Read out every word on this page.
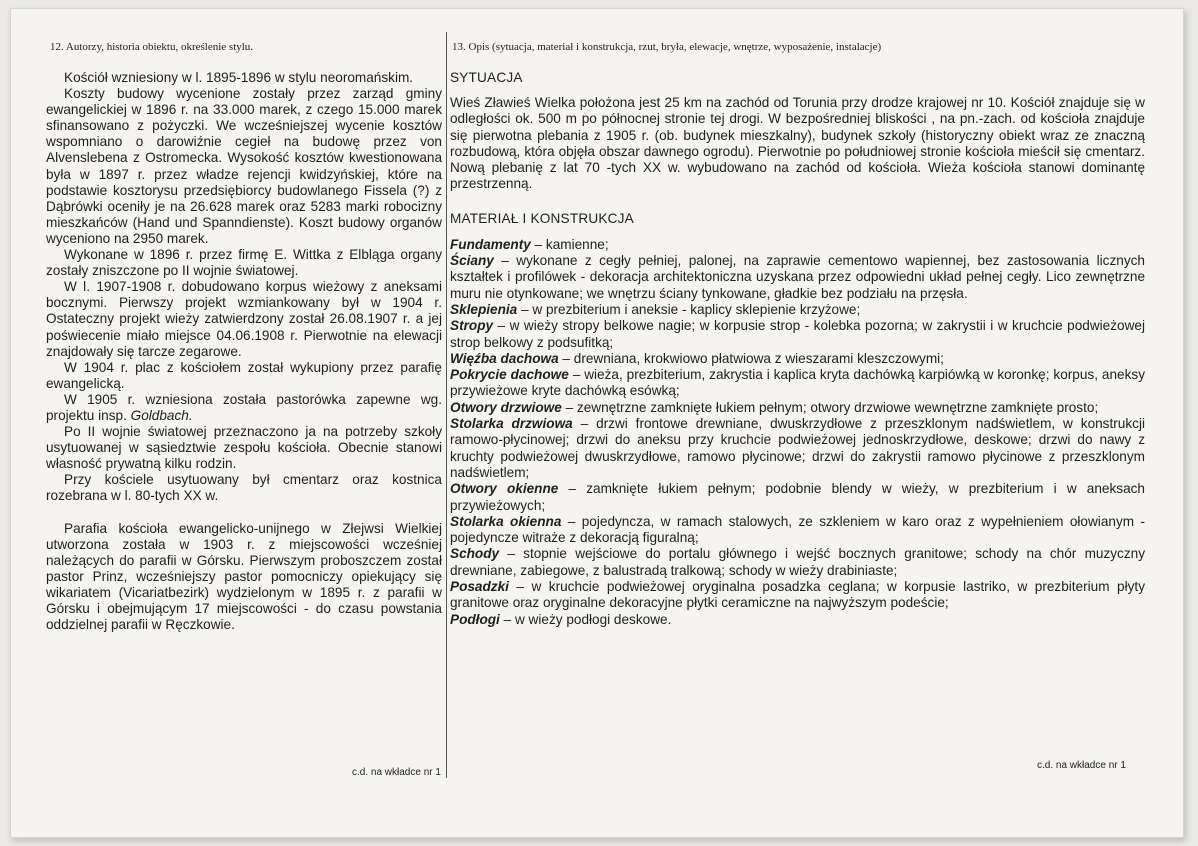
12. Autorzy, historia obiektu, określenie stylu.	13. Opis (sytuacja, materiał i konstrukcja, rzut, bryła, elewacje, wnętrze, wyposażenie, instalacje)

Kościół wzniesiony w l. 1895-1896 w stylu neoromańskim.

Koszty budowy wycenione zostały przez zarząd gminy ewangelickiej w 1896 r. na 33.000 marek, z czego 15.000 marek sfinansowano z pożyczki. We wcześniejszej wycenie kosztów wspomniano o darowiźnie cegieł na budowę przez von Alvenslebena z Ostromecka. Wysokość kosztów kwestionowana była w 1897 r. przez władze rejencji kwidzyńskiej, które na podstawie kosztorysu przedsiębiorcy budowlanego Fissela (?) z Dąbrówki oceniły je na 26.628 marek oraz 5283 marki robocizny mieszkańców (Hand und Spanndienste). Koszt budowy organów wyceniono na 2950 marek.

Wykonane w 1896 r. przez firmę E. Wittka z Elbląga organy zostały zniszczone po II wojnie światowej.

W l. 1907-1908 r. dobudowano korpus wieżowy z aneksami bocznymi. Pierwszy projekt wzmiankowany był w 1904 r. Ostateczny projekt wieży zatwierdzony został 26.08.1907 r. a jej poświecenie miało miejsce 04.06.1908 r. Pierwotnie na elewacji znajdowały się tarcze zegarowe.

W 1904 r. plac z kościołem został wykupiony przez parafię ewangelicką.

W 1905 r. wzniesiona została pastorówka zapewne wg. projektu insp. Goldbach.

Po II wojnie światowej przeznaczono ja na potrzeby szkoły usytuowanej w sąsiedztwie zespołu kościoła. Obecnie stanowi własność prywatną kilku rodzin.

Przy kościele usytuowany był cmentarz oraz kostnica rozebrana w l. 80-tych XX w.

Parafia kościoła ewangelicko-unijnego w Złejwsi Wielkiej utworzona została w 1903 r. z miejscowości wcześniej należących do parafii w Górsku. Pierwszym proboszczem został pastor Prinz, wcześniejszy pastor pomocniczy opiekujący się wikariatem (Vicariatbezirk) wydzielonym w 1895 r. z parafii w Górsku i obejmującym 17 miejscowości - do czasu powstania oddzielnej parafii w Ręczkowie.

c.d. na wkładce nr 1

SYTUACJA

Wieś Zławieś Wielka położona jest 25 km na zachód od Torunia przy drodze krajowej nr 10. Kościół znajduje się w odległości ok. 500 m po północnej stronie tej drogi. W bezpośredniej bliskości , na pn.-zach. od kościoła znajduje się pierwotna plebania z 1905 r. (ob. budynek mieszkalny), budynek szkoły (historyczny obiekt wraz ze znaczną rozbudową, która objęła obszar dawnego ogrodu). Pierwotnie po południowej stronie kościoła mieścił się cmentarz. Nową plebanię z lat 70 -tych XX w. wybudowano na zachód od kościoła. Wieża kościoła stanowi dominantę przestrzenną.

MATERIAŁ I KONSTRUKCJA

Fundamenty – kamienne;

Ściany – wykonane z cegły pełniej, palonej, na zaprawie cementowo wapiennej, bez zastosowania licznych kształtek i profilówek - dekoracja architektoniczna uzyskana przez odpowiedni układ pełnej cegły. Lico zewnętrzne muru nie otynkowane; we wnętrzu ściany tynkowane, gładkie bez podziału na przęsła.

Sklepienia – w prezbiterium i aneksie - kaplicy sklepienie krzyżowe;

Stropy – w wieży stropy belkowe nagie; w korpusie strop - kolebka pozorna; w zakrystii i w kruchcie podwieżowej strop belkowy z podsufitką;

Więźba dachowa – drewniana, krokwiowo płatwiowa z wieszarami kleszczowymi;

Pokrycie dachowe – wieża, prezbiterium, zakrystia i kaplica kryta dachówką karpiówką w koronkę; korpus, aneksy przywieżowe kryte dachówką esówką;

Otwory drzwiowe – zewnętrzne zamknięte łukiem pełnym; otwory drzwiowe wewnętrzne zamknięte prosto;

Stolarka drzwiowa – drzwi frontowe drewniane, dwuskrzydłowe z przeszklonym nadświetlem, w konstrukcji ramowo-płycinowej; drzwi do aneksu przy kruchcie podwieżowej jednoskrzydłowe, deskowe; drzwi do nawy z kruchty podwieżowej dwuskrzydłowe, ramowo płycinowe; drzwi do zakrystii ramowo płycinowe z przeszklonym nadświetlem;

Otwory okienne – zamknięte łukiem pełnym; podobnie blendy w wieży, w prezbiterium i w aneksach przywieżowych;

Stolarka okienna – pojedyncza, w ramach stalowych, ze szkleniem w karo oraz z wypełnieniem ołowianym - pojedyncze witraże z dekoracją figuralną;

Schody – stopnie wejściowe do portalu głównego i wejść bocznych granitowe; schody na chór muzyczny drewniane, zabiegowe, z balustradą tralkową; schody w wieży drabiniaste;

Posadzki – w kruchcie podwieżowej oryginalna posadzka ceglana; w korpusie lastriko, w prezbiterium płyty granitowe oraz oryginalne dekoracyjne płytki ceramiczne na najwyższym podeście;

Podłogi – w wieży podłogi deskowe.

c.d. na wkładce nr 1
